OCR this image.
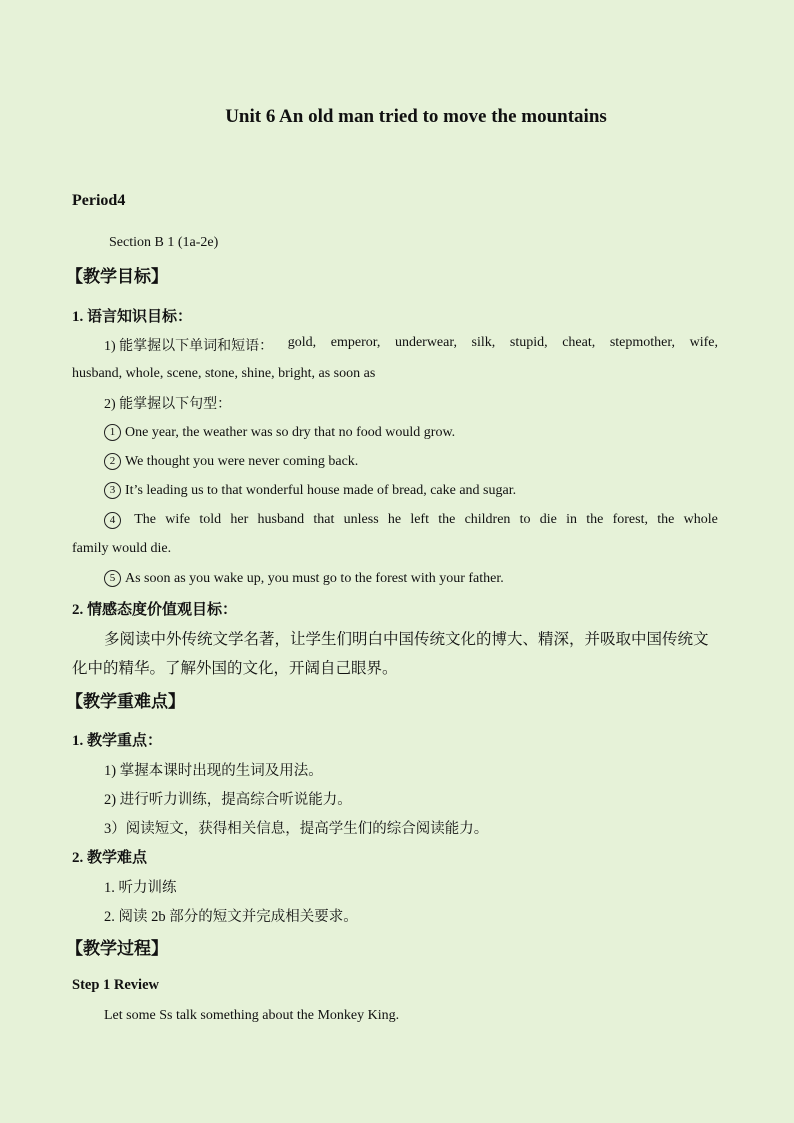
Unit 6 An old man tried to move the mountains
Period4
Section B 1 (1a-2e)
【教学目标】
1. 语言知识目标：
1) 能掌握以下单词和短语： gold, emperor, underwear, silk, stupid, cheat, stepmother, wife,
husband, whole, scene, stone, shine, bright, as soon as
2) 能掌握以下句型：
1 One year, the weather was so dry that no food would grow.
2 We thought you were never coming back.
3 It’s leading us to that wonderful house made of bread, cake and sugar.
4	The wife told her husband that unless he left the children to die in the forest, the whole
family would die.
5 As soon as you wake up, you must go to the forest with your father.
2. 情感态度价值观目标：
多阅读中外传统文学名著，让学生们明白中国传统文化的博大、精深，并吸取中国传统文
化中的精华。了解外国的文化，开阔自己眼界。
【教学重难点】
1. 教学重点：
1) 掌握本课时出现的生词及用法。
2) 进行听力训练，提高综合听说能力。
3）阅读短文，获得相关信息，提高学生们的综合阅读能力。
2. 教学难点
1. 听力训练
2. 阅读 2b 部分的短文并完成相关要求。
【教学过程】
Step 1 Review
Let some Ss talk something about the Monkey King.
